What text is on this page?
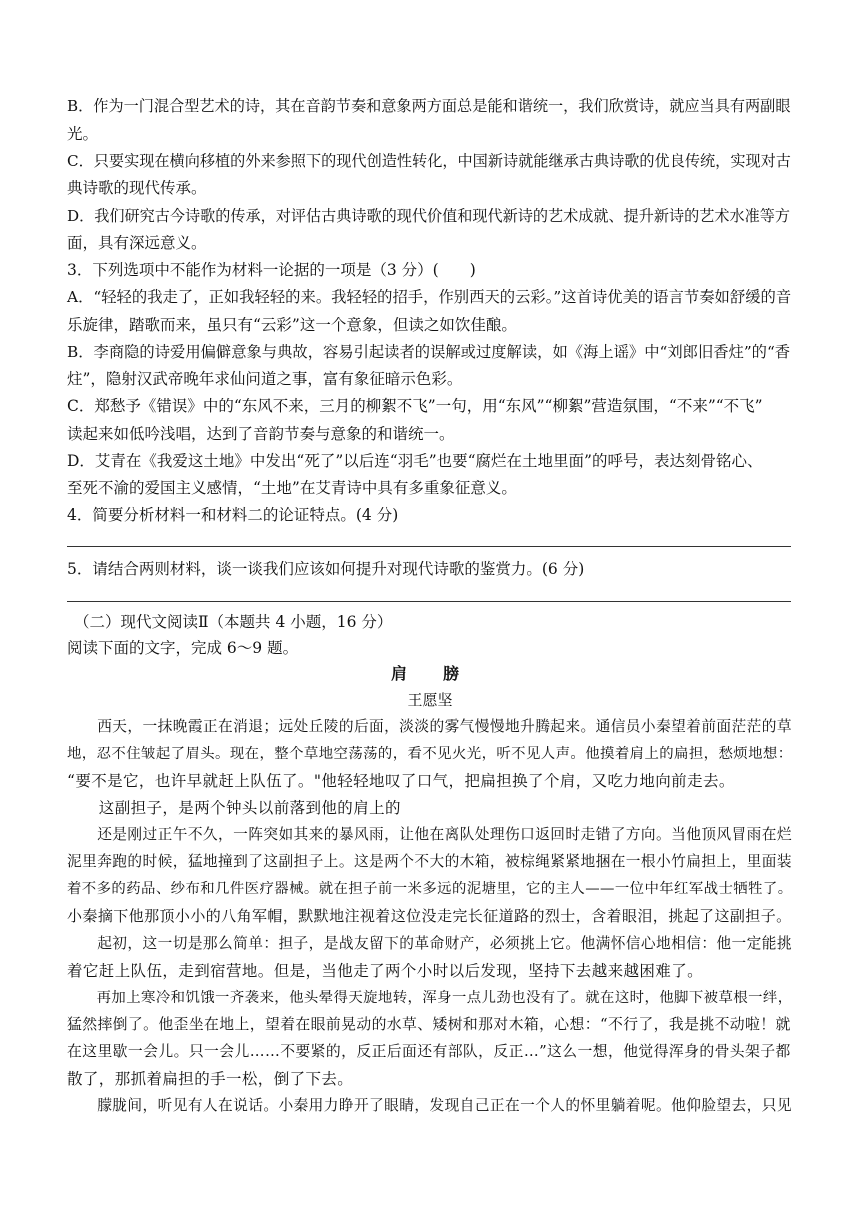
B．作为一门混合型艺术的诗，其在音韵节奏和意象两方面总是能和谐统一，我们欣赏诗，就应当具有两副眼
光。
C．只要实现在横向移植的外来参照下的现代创造性转化，中国新诗就能继承古典诗歌的优良传统，实现对古
典诗歌的现代传承。
D．我们研究古今诗歌的传承，对评估古典诗歌的现代价值和现代新诗的艺术成就、提升新诗的艺术水准等方
面，具有深远意义。
3．下列选项中不能作为材料一论据的一项是（3 分）(　　)
A．“轻轻的我走了，正如我轻轻的来。我轻轻的招手，作别西天的云彩。”这首诗优美的语言节奏如舒缓的音
乐旋律，踏歌而来，虽只有“云彩”这一个意象，但读之如饮佳酿。
B．李商隐的诗爱用偏僻意象与典故，容易引起读者的误解或过度解读，如《海上谣》中“刘郎旧香炷”的“香
炷”，隐射汉武帝晚年求仙问道之事，富有象征暗示色彩。
C．郑愁予《错误》中的“东风不来，三月的柳絮不飞”一句，用“东风”“柳絮”营造氛围，“不来”“不飞”
读起来如低吟浅唱，达到了音韵节奏与意象的和谐统一。
D．艾青在《我爱这土地》中发出“死了”以后连“羽毛”也要“腐烂在土地里面”的呼号，表达刻骨铭心、
至死不渝的爱国主义感情，“土地”在艾青诗中具有多重象征意义。
4．简要分析材料一和材料二的论证特点。(4 分)
5．请结合两则材料，谈一谈我们应该如何提升对现代诗歌的鉴赏力。(6 分)
（二）现代文阅读Ⅱ（本题共 4 小题，16 分）
阅读下面的文字，完成 6～9 题。
肩　膀
王愿坚
　　西天，一抹晚霞正在消退；远处丘陵的后面，淡淡的雾气慢慢地升腾起来。通信员小秦望着前面茫茫的草
地，忍不住皱起了眉头。现在，整个草地空荡荡的，看不见火光，听不见人声。他摸着肩上的扁担，愁烦地想：
“要不是它，也许早就赶上队伍了。"他轻轻地叹了口气，把扁担换了个肩，又吃力地向前走去。
　　这副担子，是两个钟头以前落到他的肩上的
　　还是刚过正午不久，一阵突如其来的暴风雨，让他在离队处理伤口返回时走错了方向。当他顶风冒雨在烂
泥里奔跑的时候，猛地撞到了这副担子上。这是两个不大的木箱，被棕绳紧紧地捆在一根小竹扁担上，里面装
着不多的药品、纱布和几件医疗器械。就在担子前一米多远的泥塘里，它的主人——一位中年红军战士牺牲了。
小秦摘下他那顶小小的八角军帽，默默地注视着这位没走完长征道路的烈士，含着眼泪，挑起了这副担子。
　　起初，这一切是那么简单：担子，是战友留下的革命财产，必须挑上它。他满怀信心地相信：他一定能挑
着它赶上队伍，走到宿营地。但是，当他走了两个小时以后发现，坚持下去越来越困难了。
　　再加上寒冷和饥饿一齐袭来，他头晕得天旋地转，浑身一点儿劲也没有了。就在这时，他脚下被草根一绊，
猛然摔倒了。他歪坐在地上，望着在眼前晃动的水草、矮树和那对木箱，心想：“不行了，我是挑不动啦！就
在这里歇一会儿。只一会儿……不要紧的，反正后面还有部队，反正…”这么一想，他觉得浑身的骨头架子都
散了，那抓着扁担的手一松，倒了下去。
　　朦胧间，听见有人在说话。小秦用力睁开了眼睛，发现自己正在一个人的怀里躺着呢。他仰脸望去，只见
